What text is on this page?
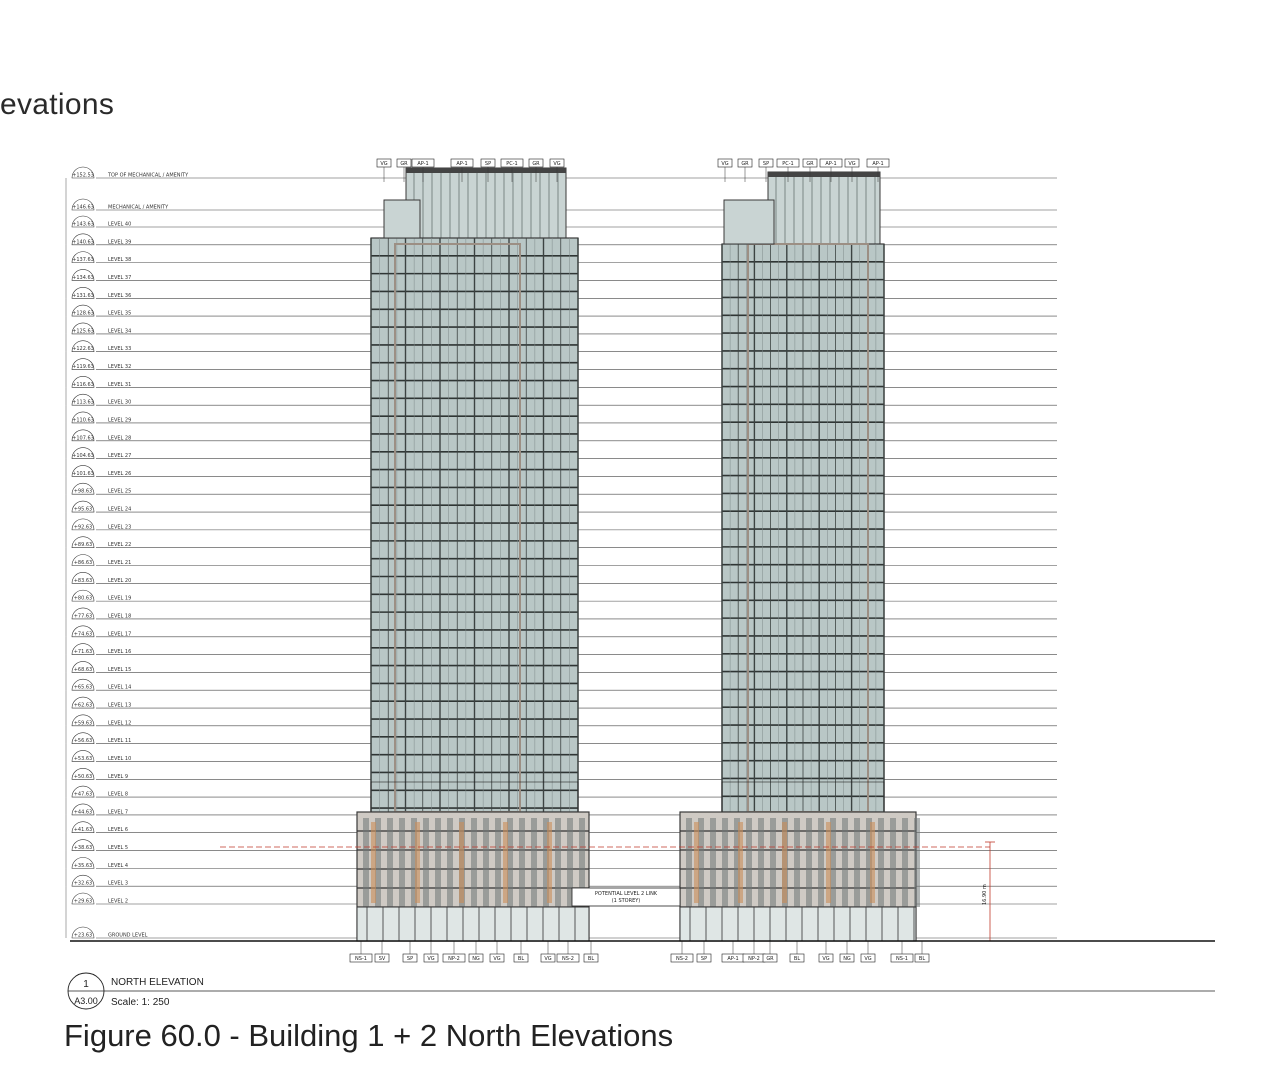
evations
+152.53	TOP OF MECHANICAL / AMENITY
+146.63	MECHANICAL / AMENITY
+143.63	LEVEL 40
+140.63	LEVEL 39
+137.63	LEVEL 38
+134.63	LEVEL 37
+131.63	LEVEL 36
+128.63	LEVEL 35
+125.63	LEVEL 34
+122.63	LEVEL 33
+119.63	LEVEL 32
+116.63	LEVEL 31
+113.63	LEVEL 30
+110.63	LEVEL 29
+107.63	LEVEL 28
+104.63	LEVEL 27
+101.63	LEVEL 26
+98.63	LEVEL 25
+95.63	LEVEL 24
+92.63	LEVEL 23
+89.63	LEVEL 22
+86.63	LEVEL 21
+83.63	LEVEL 20
+80.63	LEVEL 19
+77.63	LEVEL 18
+74.63	LEVEL 17
+71.63	LEVEL 16
+68.63	LEVEL 15
+65.63	LEVEL 14
+62.63	LEVEL 13
+59.63	LEVEL 12
+56.63	LEVEL 11
+53.63	LEVEL 10
+50.63	LEVEL 9
+47.63	LEVEL 8
+44.63	LEVEL 7
+41.63	LEVEL 6
+38.63	LEVEL 5
+35.63	LEVEL 4
+32.63	LEVEL 3
+29.63	LEVEL 2
+23.63	GROUND LEVEL
VG	GR AP-1	AP-1	SP	PC-1	GR	VG	VG	GR	SP	PC-1	GR AP-1 VG	AP-1
NS-1 SV	SP	VG	NP-2 NG	VG	BL	VG NS-2	BL	NS-2	SP	AP-1 NP-2 GR	BL	VG	NG	VG	NS-1 BL
POTENTIAL LEVEL 2 LINK
(1 STOREY)	16.90 m
1
A3.00
NORTH ELEVATION
Scale: 1: 250
Figure 60.0 - Building 1 + 2 North Elevations
